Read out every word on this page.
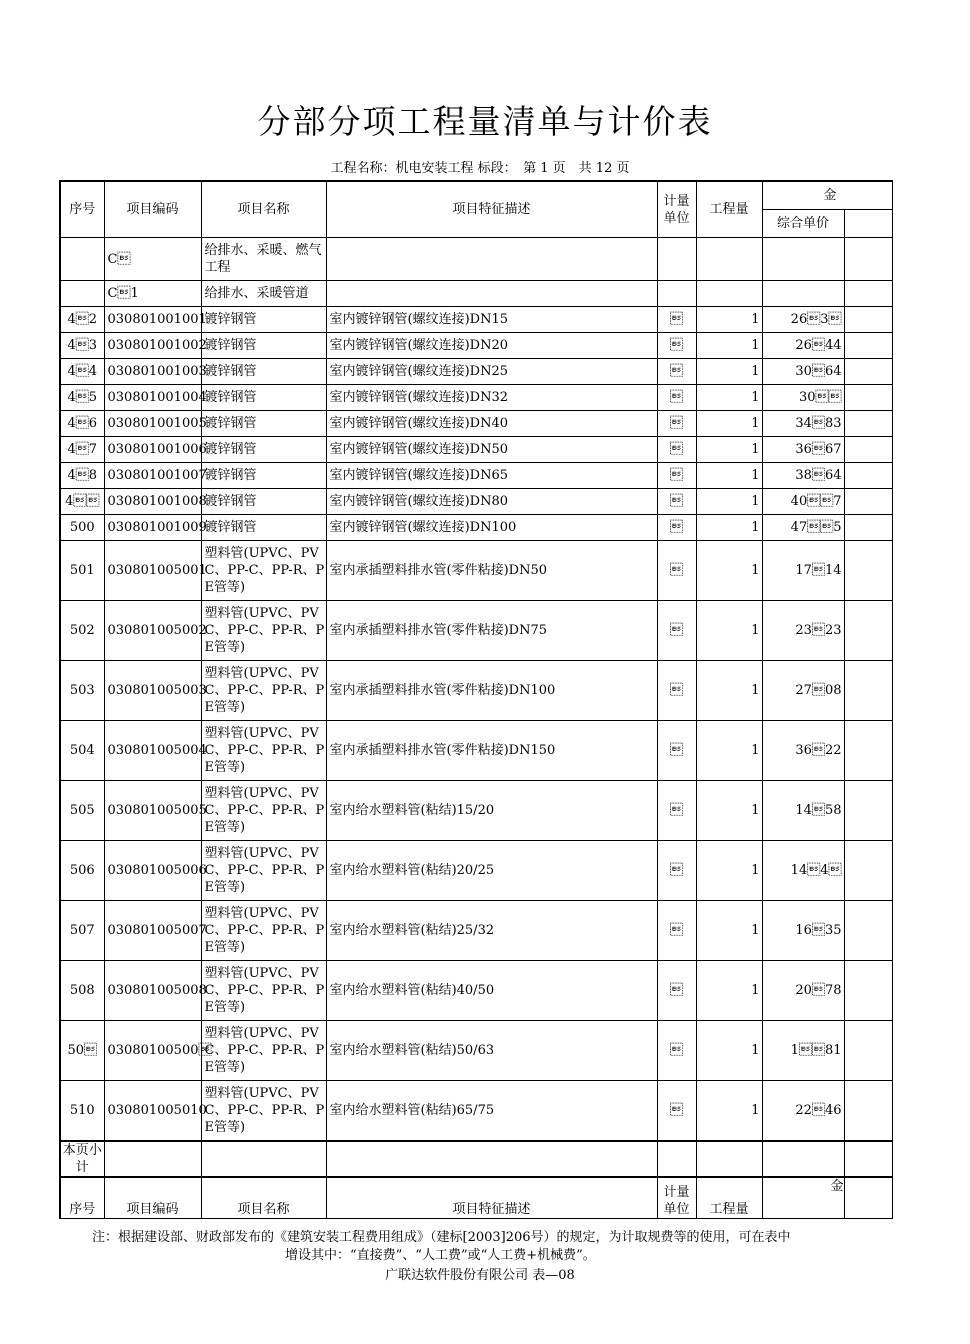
分部分项工程量清单与计价表
工程名称：机电安装工程 标段：　第 1 页　共 12 页
序号	项目编码	项目名称	项目特征描述	计量单位	工程量	金	
						综合单价	
	C	给排水、采暖、燃气工程					
	C1	给排水、采暖管道					
42	030801001001	镀锌钢管	室内镀锌钢管(螺纹连接)DN15		1	263	
43	030801001002	镀锌钢管	室内镀锌钢管(螺纹连接)DN20		1	2644	
44	030801001003	镀锌钢管	室内镀锌钢管(螺纹连接)DN25		1	3064	
45	030801001004	镀锌钢管	室内镀锌钢管(螺纹连接)DN32		1	30	
46	030801001005	镀锌钢管	室内镀锌钢管(螺纹连接)DN40		1	3483	
47	030801001006	镀锌钢管	室内镀锌钢管(螺纹连接)DN50		1	3667	
48	030801001007	镀锌钢管	室内镀锌钢管(螺纹连接)DN65		1	3864	
4	030801001008	镀锌钢管	室内镀锌钢管(螺纹连接)DN80		1	407	
500	030801001009	镀锌钢管	室内镀锌钢管(螺纹连接)DN100		1	475	
501	030801005001	塑料管(UPVC、PVC、PP-C、PP-R、PE管等)	室内承插塑料排水管(零件粘接)DN50		1	1714	
502	030801005002	塑料管(UPVC、PVC、PP-C、PP-R、PE管等)	室内承插塑料排水管(零件粘接)DN75		1	2323	
503	030801005003	塑料管(UPVC、PVC、PP-C、PP-R、PE管等)	室内承插塑料排水管(零件粘接)DN100		1	2708	
504	030801005004	塑料管(UPVC、PVC、PP-C、PP-R、PE管等)	室内承插塑料排水管(零件粘接)DN150		1	3622	
505	030801005005	塑料管(UPVC、PVC、PP-C、PP-R、PE管等)	室内给水塑料管(粘结)15/20		1	1458	
506	030801005006	塑料管(UPVC、PVC、PP-C、PP-R、PE管等)	室内给水塑料管(粘结)20/25		1	144	
507	030801005007	塑料管(UPVC、PVC、PP-C、PP-R、PE管等)	室内给水塑料管(粘结)25/32		1	1635	
508	030801005008	塑料管(UPVC、PVC、PP-C、PP-R、PE管等)	室内给水塑料管(粘结)40/50		1	2078	
50	03080100500	塑料管(UPVC、PVC、PP-C、PP-R、PE管等)	室内给水塑料管(粘结)50/63		1	181	
510	030801005010	塑料管(UPVC、PVC、PP-C、PP-R、PE管等)	室内给水塑料管(粘结)65/75		1	2246	
本页小计							
序号	项目编码	项目名称	项目特征描述	计量单位	工程量	金	
注：根据建设部、财政部发布的《建筑安装工程费用组成》（建标[2003]206号）的规定，为计取规费等的使用，可在表中
增设其中：“直接费”、“人工费”或“人工费+机械费”。
广联达软件股份有限公司 表—08
